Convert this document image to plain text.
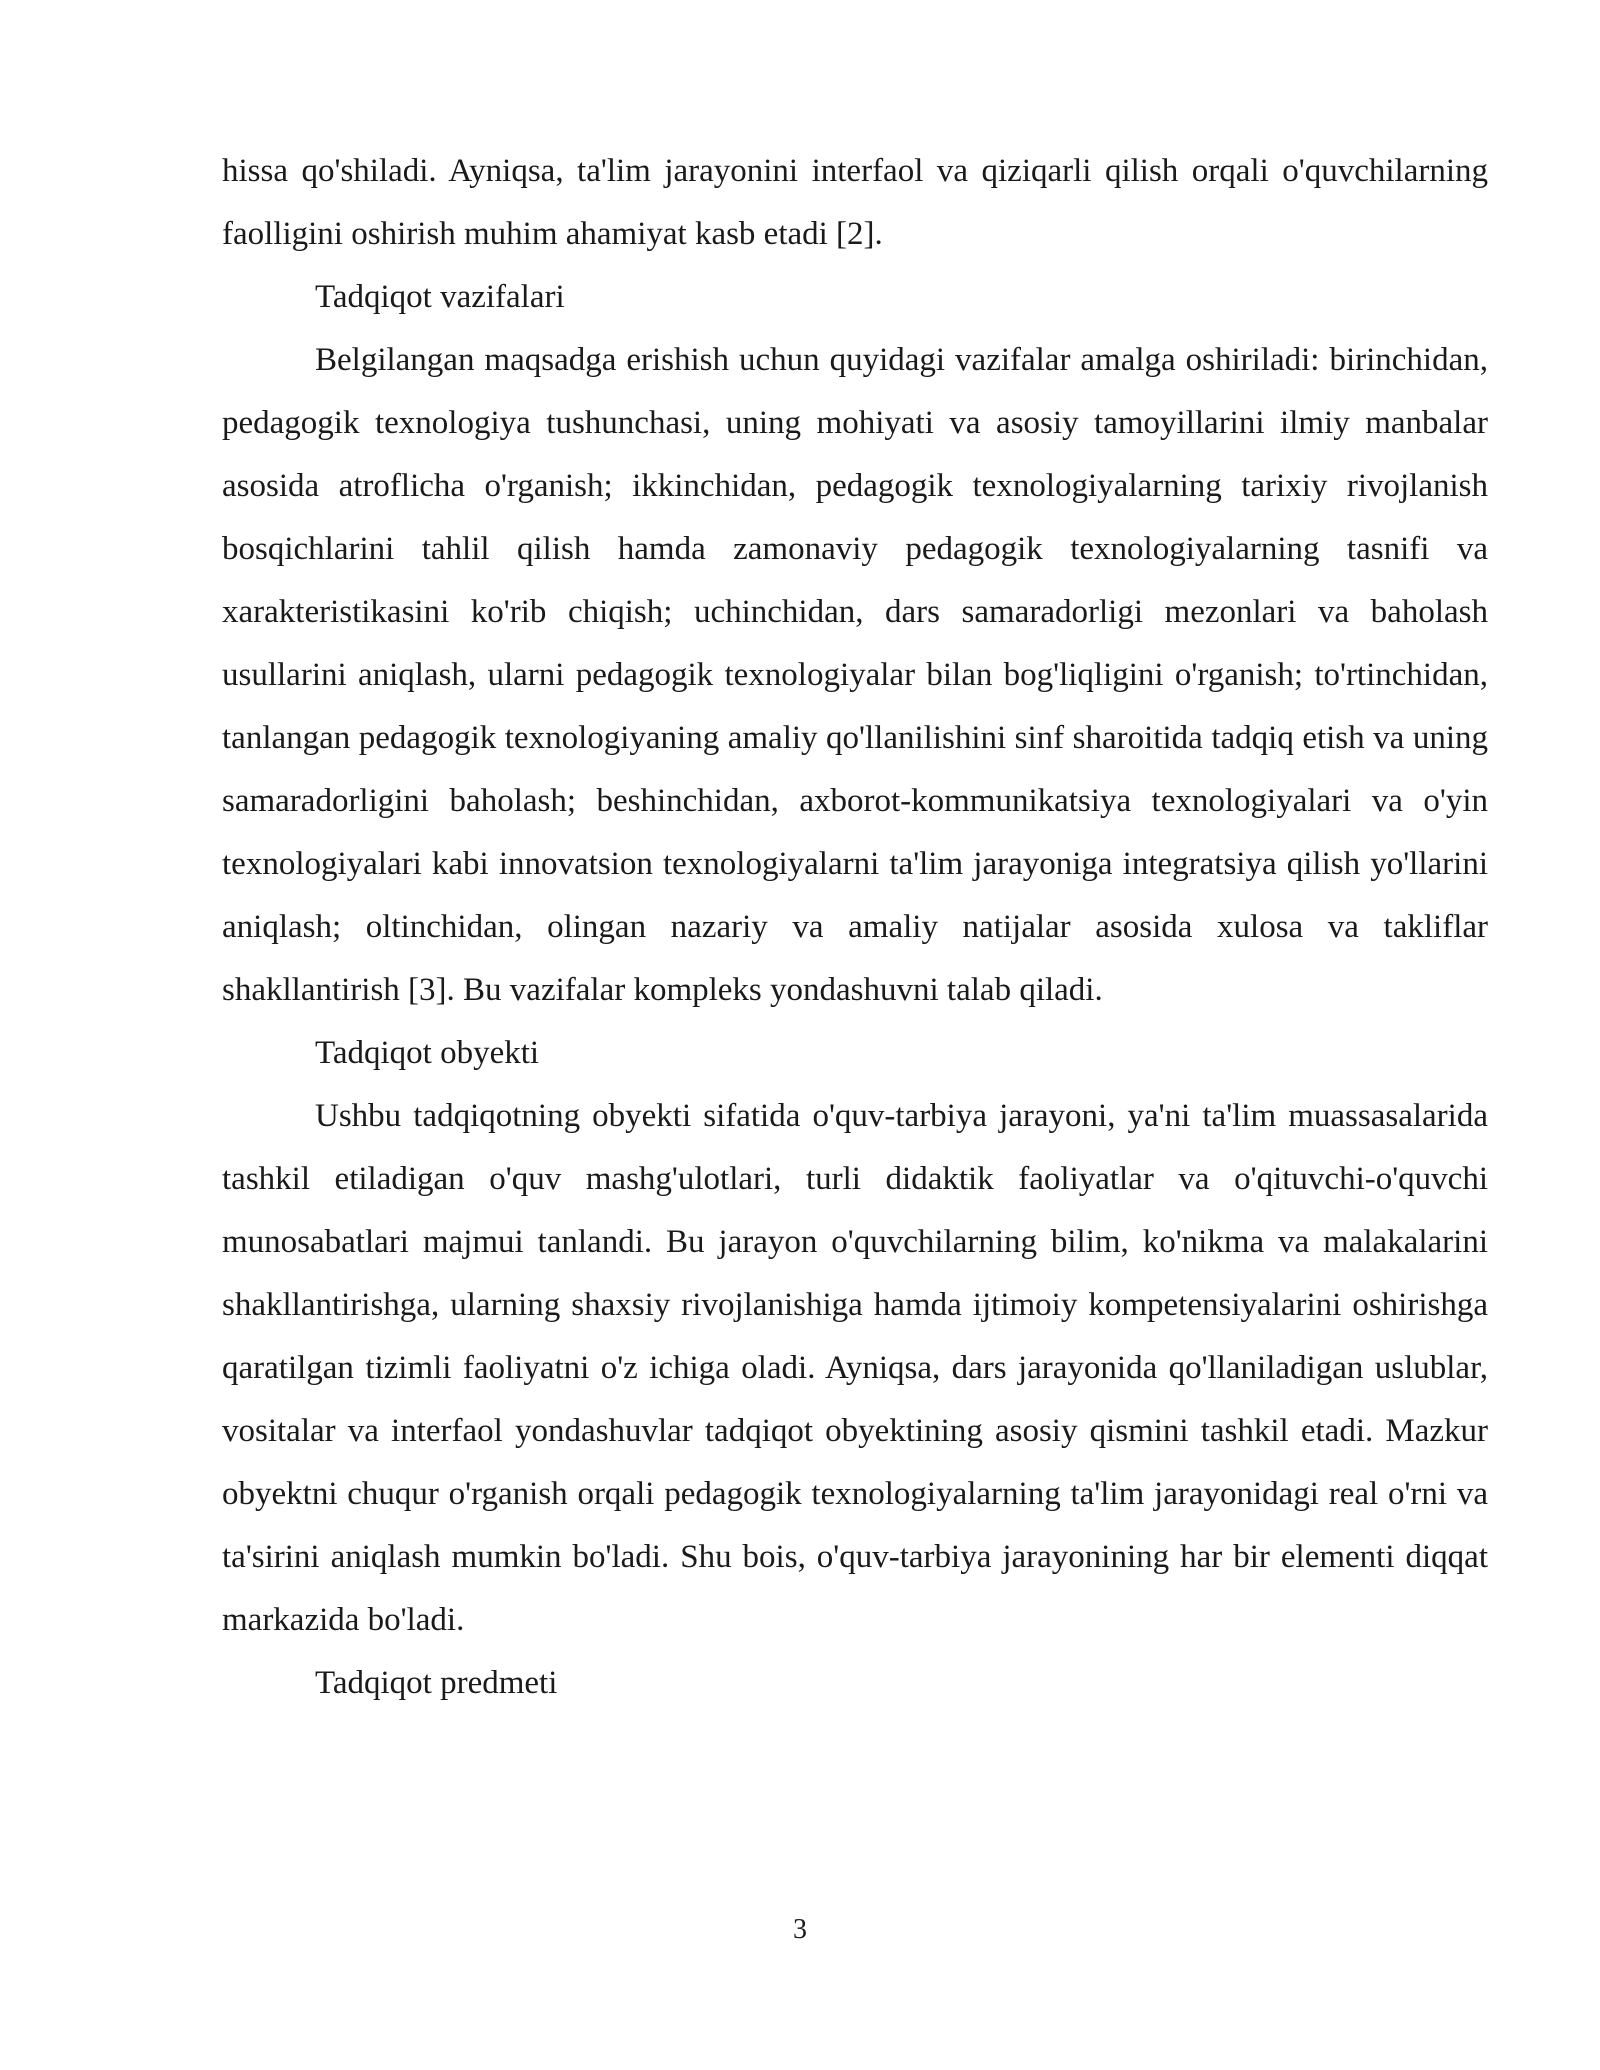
hissa qo'shiladi. Ayniqsa, ta'lim jarayonini interfaol va qiziqarli qilish orqali o'quvchilarning faolligini oshirish muhim ahamiyat kasb etadi [2].

Tadqiqot vazifalari

Belgilangan maqsadga erishish uchun quyidagi vazifalar amalga oshiriladi: birinchidan, pedagogik texnologiya tushunchasi, uning mohiyati va asosiy tamoyillarini ilmiy manbalar asosida atroflicha o'rganish; ikkinchidan, pedagogik texnologiyalarning tarixiy rivojlanish bosqichlarini tahlil qilish hamda zamonaviy pedagogik texnologiyalarning tasnifi va xarakteristikasini ko'rib chiqish; uchinchidan, dars samaradorligi mezonlari va baholash usullarini aniqlash, ularni pedagogik texnologiyalar bilan bog'liqligini o'rganish; to'rtinchidan, tanlangan pedagogik texnologiyaning amaliy qo'llanilishini sinf sharoitida tadqiq etish va uning samaradorligini baholash; beshinchidan, axborot-kommunikatsiya texnologiyalari va o'yin texnologiyalari kabi innovatsion texnologiyalarni ta'lim jarayoniga integratsiya qilish yo'llarini aniqlash; oltinchidan, olingan nazariy va amaliy natijalar asosida xulosa va takliflar shakllantirish [3]. Bu vazifalar kompleks yondashuvni talab qiladi.

Tadqiqot obyekti

Ushbu tadqiqotning obyekti sifatida o'quv-tarbiya jarayoni, ya'ni ta'lim muassasalarida tashkil etiladigan o'quv mashg'ulotlari, turli didaktik faoliyatlar va o'qituvchi-o'quvchi munosabatlari majmui tanlandi. Bu jarayon o'quvchilarning bilim, ko'nikma va malakalarini shakllantirishga, ularning shaxsiy rivojlanishiga hamda ijtimoiy kompetensiyalarini oshirishga qaratilgan tizimli faoliyatni o'z ichiga oladi. Ayniqsa, dars jarayonida qo'llaniladigan uslublar, vositalar va interfaol yondashuvlar tadqiqot obyektining asosiy qismini tashkil etadi. Mazkur obyektni chuqur o'rganish orqali pedagogik texnologiyalarning ta'lim jarayonidagi real o'rni va ta'sirini aniqlash mumkin bo'ladi. Shu bois, o'quv-tarbiya jarayonining har bir elementi diqqat markazida bo'ladi.

Tadqiqot predmeti

3
